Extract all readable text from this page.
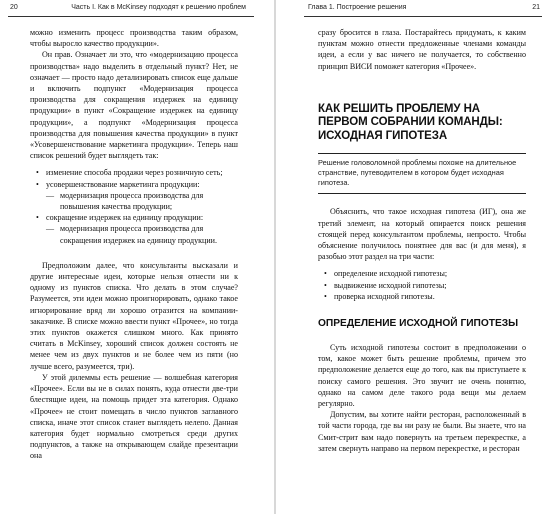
20	Часть I. Как в McKinsey подходят к решению проблем

можно изменить процесс производства таким образом, чтобы выросло качество продукции».

Он прав. Означает ли это, что «модернизацию процесса производства» надо выделить в отдельный пункт? Нет, не означает — просто надо детализировать список еще дальше и включить подпункт «Модернизация процесса производства для сокращения издержек на единицу продукции» в пункт «Сокращение издержек на единицу продукции», а подпункт «Модернизация процесса производства для повышения качества продукции» в пункт «Усовершенствование маркетинга продукции». Теперь наш список решений будет выглядеть так:

• изменение способа продажи через розничную сеть;

• усовершенствование маркетинга продукции:

— модернизация процесса производства для повышения качества продукции;

• сокращение издержек на единицу продукции:

— модернизация процесса производства для сокращения издержек на единицу продукции.

Предположим далее, что консультанты высказали и другие интересные идеи, которые нельзя отнести ни к одному из пунктов списка. Что делать в этом случае? Разумеется, эти идеи можно проигнорировать, однако такое игнорирование вряд ли хорошо отразится на компании-заказчике. В списке можно ввести пункт «Прочее», но тогда этих пунктов окажется слишком много. Как принято считать в McKinsey, хороший список должен состоять не менее чем из двух пунктов и не более чем из пяти (но лучше всего, разумеется, три).

У этой дилеммы есть решение — волшебная категория «Прочее». Если вы не в силах понять, куда отнести две-три блестящие идеи, на помощь придет эта категория. Однако «Прочее» не стоит помещать в число пунктов заглавного списка, иначе этот список станет выглядеть нелепо. Данная категория будет нормально смотреться среди других подпунктов, а также на открывающем слайде презентации она

Глава 1. Построение решения	21

сразу бросится в глаза. Постарайтесь придумать, к каким пунктам можно отнести предложенные членами команды идеи, а если у вас ничего не получается, то собственно принцип ВИСИ поможет категория «Прочее».

КАК РЕШИТЬ ПРОБЛЕМУ НА ПЕРВОМ СОБРАНИИ КОМАНДЫ: ИСХОДНАЯ ГИПОТЕЗА

Решение головоломной проблемы похоже на длительное странствие, путеводителем в котором будет исходная гипотеза.

Объяснить, что такое исходная гипотеза (ИГ), она же третий элемент, на который опирается поиск решения стоящей перед консультантом проблемы, непросто. Чтобы объяснение получилось понятнее для вас (и для меня), я разобью этот раздел на три части:

• определение исходной гипотезы;

• выдвижение исходной гипотезы;

• проверка исходной гипотезы.

ОПРЕДЕЛЕНИЕ ИСХОДНОЙ ГИПОТЕЗЫ

Суть исходной гипотезы состоит в предположении о том, какое может быть решение проблемы, причем это предположение делается еще до того, как вы приступаете к поиску самого решения. Это звучит не очень понятно, однако на самом деле такого рода вещи мы делаем регулярно.

Допустим, вы хотите найти ресторан, расположенный в той части города, где вы ни разу не были. Вы знаете, что на Смит-стрит вам надо повернуть на третьем перекрестке, а затем свернуть направо на первом перекрестке, и ресторан
